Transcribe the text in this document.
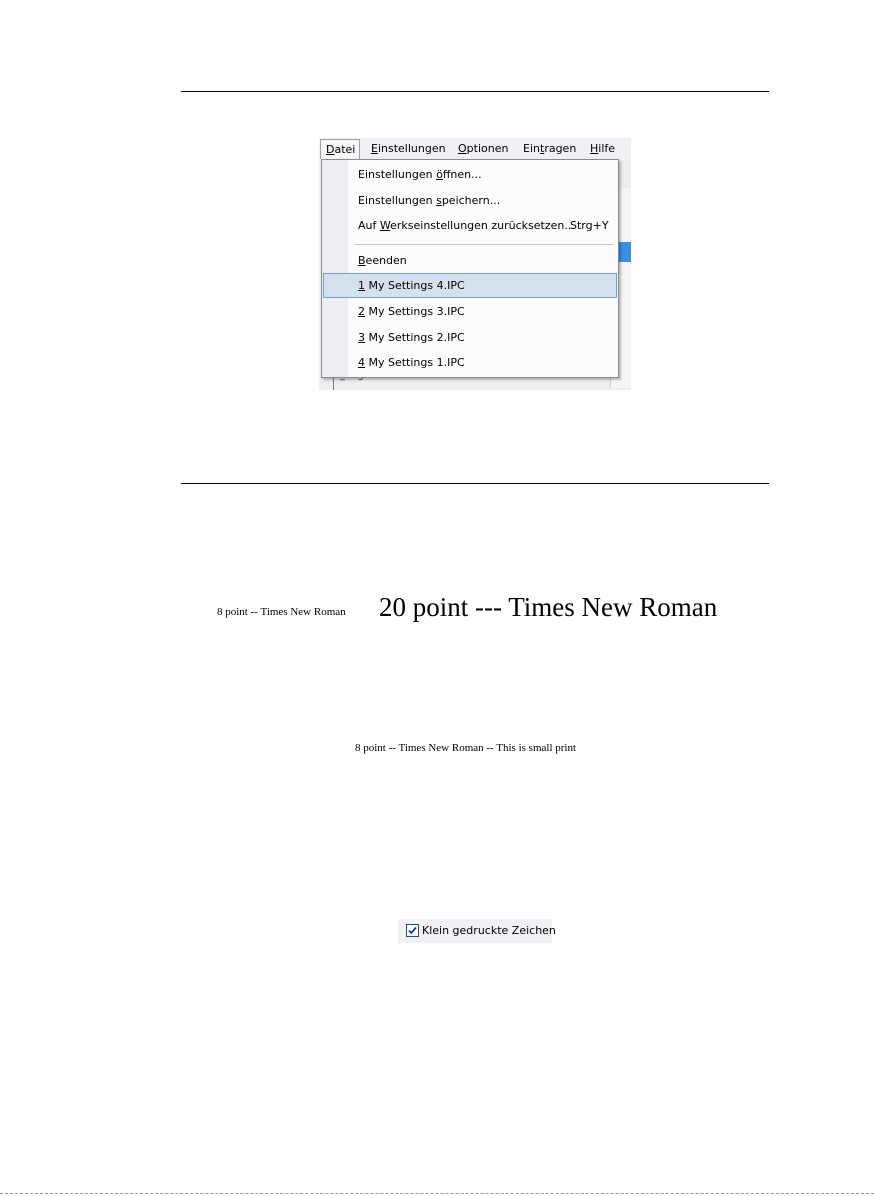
Datei	Einstellungen Optionen Eintragen Hilfe
Einstellungen öffnen...
Einstellungen speichern...
Auf Werkseinstellungen zurücksetzen...
Strg+Y
Beenden
1 My Settings 4.IPC
2 My Settings 3.IPC
3 My Settings 2.IPC
4 My Settings 1.IPC
8 point -- Times New Roman 20 point --- Times New Roman
8 point -- Times New Roman -- This is small print
Klein gedruckte Zeichen
